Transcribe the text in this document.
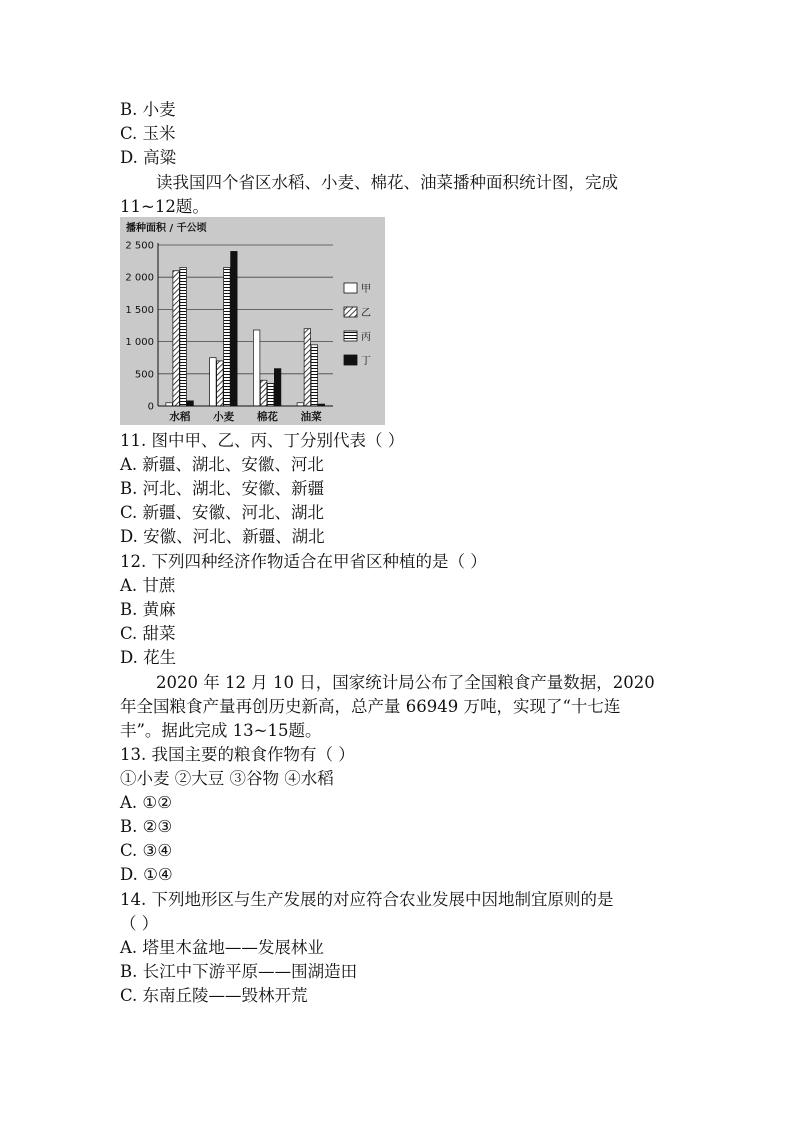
B. 小麦
C. 玉米
D. 高粱
读我国四个省区水稻、小麦、棉花、油菜播种面积统计图，完成
11~12题。
播种面积 / 千公顷
0
500
1 000
1 500
2 000
2 500
水稻 小麦 棉花 油菜
甲
乙
丙
丁
11. 图中甲、乙、丙、丁分别代表（ ）
A. 新疆、湖北、安徽、河北
B. 河北、湖北、安徽、新疆
C. 新疆、安徽、河北、湖北
D. 安徽、河北、新疆、湖北
12. 下列四种经济作物适合在甲省区种植的是（ ）
A. 甘蔗
B. 黄麻
C. 甜菜
D. 花生
2020 年 12 月 10 日，国家统计局公布了全国粮食产量数据，2020
年全国粮食产量再创历史新高，总产量 66949 万吨，实现了“十七连
丰”。据此完成 13~15题。
13. 我国主要的粮食作物有（ ）
①小麦 ②大豆 ③谷物 ④水稻
A. ①②
B. ②③
C. ③④
D. ①④
14. 下列地形区与生产发展的对应符合农业发展中因地制宜原则的是
（ ）
A. 塔里木盆地——发展林业
B. 长江中下游平原——围湖造田
C. 东南丘陵——毁林开荒
